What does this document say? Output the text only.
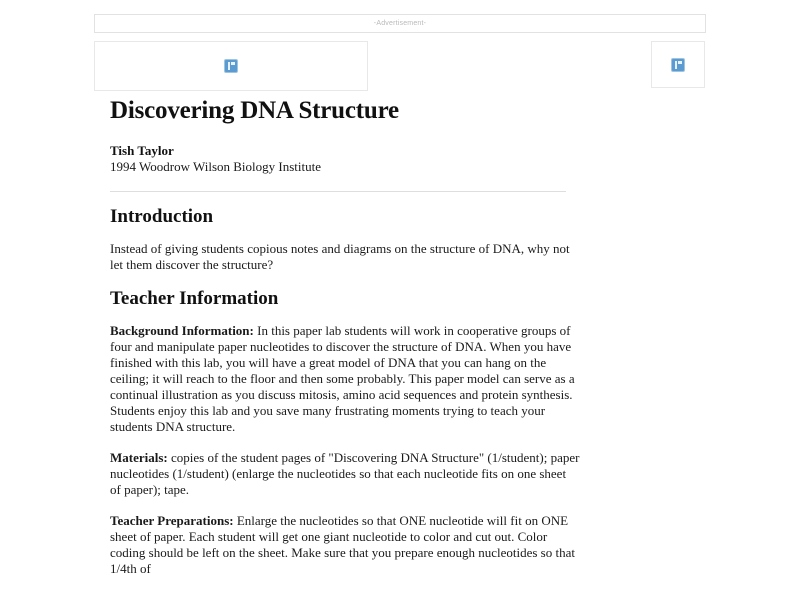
-Advertisement-
Discovering DNA Structure

Tish Taylor

1994 Woodrow Wilson Biology Institute

Introduction

Instead of giving students copious notes and diagrams on the structure of DNA, why not let them discover the structure?

Teacher Information

Background Information: In this paper lab students will work in cooperative groups of four and manipulate paper nucleotides to discover the structure of DNA. When you have finished with this lab, you will have a great model of DNA that you can hang on the ceiling; it will reach to the floor and then some probably. This paper model can serve as a continual illustration as you discuss mitosis, amino acid sequences and protein synthesis. Students enjoy this lab and you save many frustrating moments trying to teach your students DNA structure.

Materials: copies of the student pages of "Discovering DNA Structure" (1/student); paper nucleotides (1/student) (enlarge the nucleotides so that each nucleotide fits on one sheet of paper); tape.

Teacher Preparations: Enlarge the nucleotides so that ONE nucleotide will fit on ONE sheet of paper. Each student will get one giant nucleotide to color and cut out. Color coding should be left on the sheet. Make sure that you prepare enough nucleotides so that 1/4th of
